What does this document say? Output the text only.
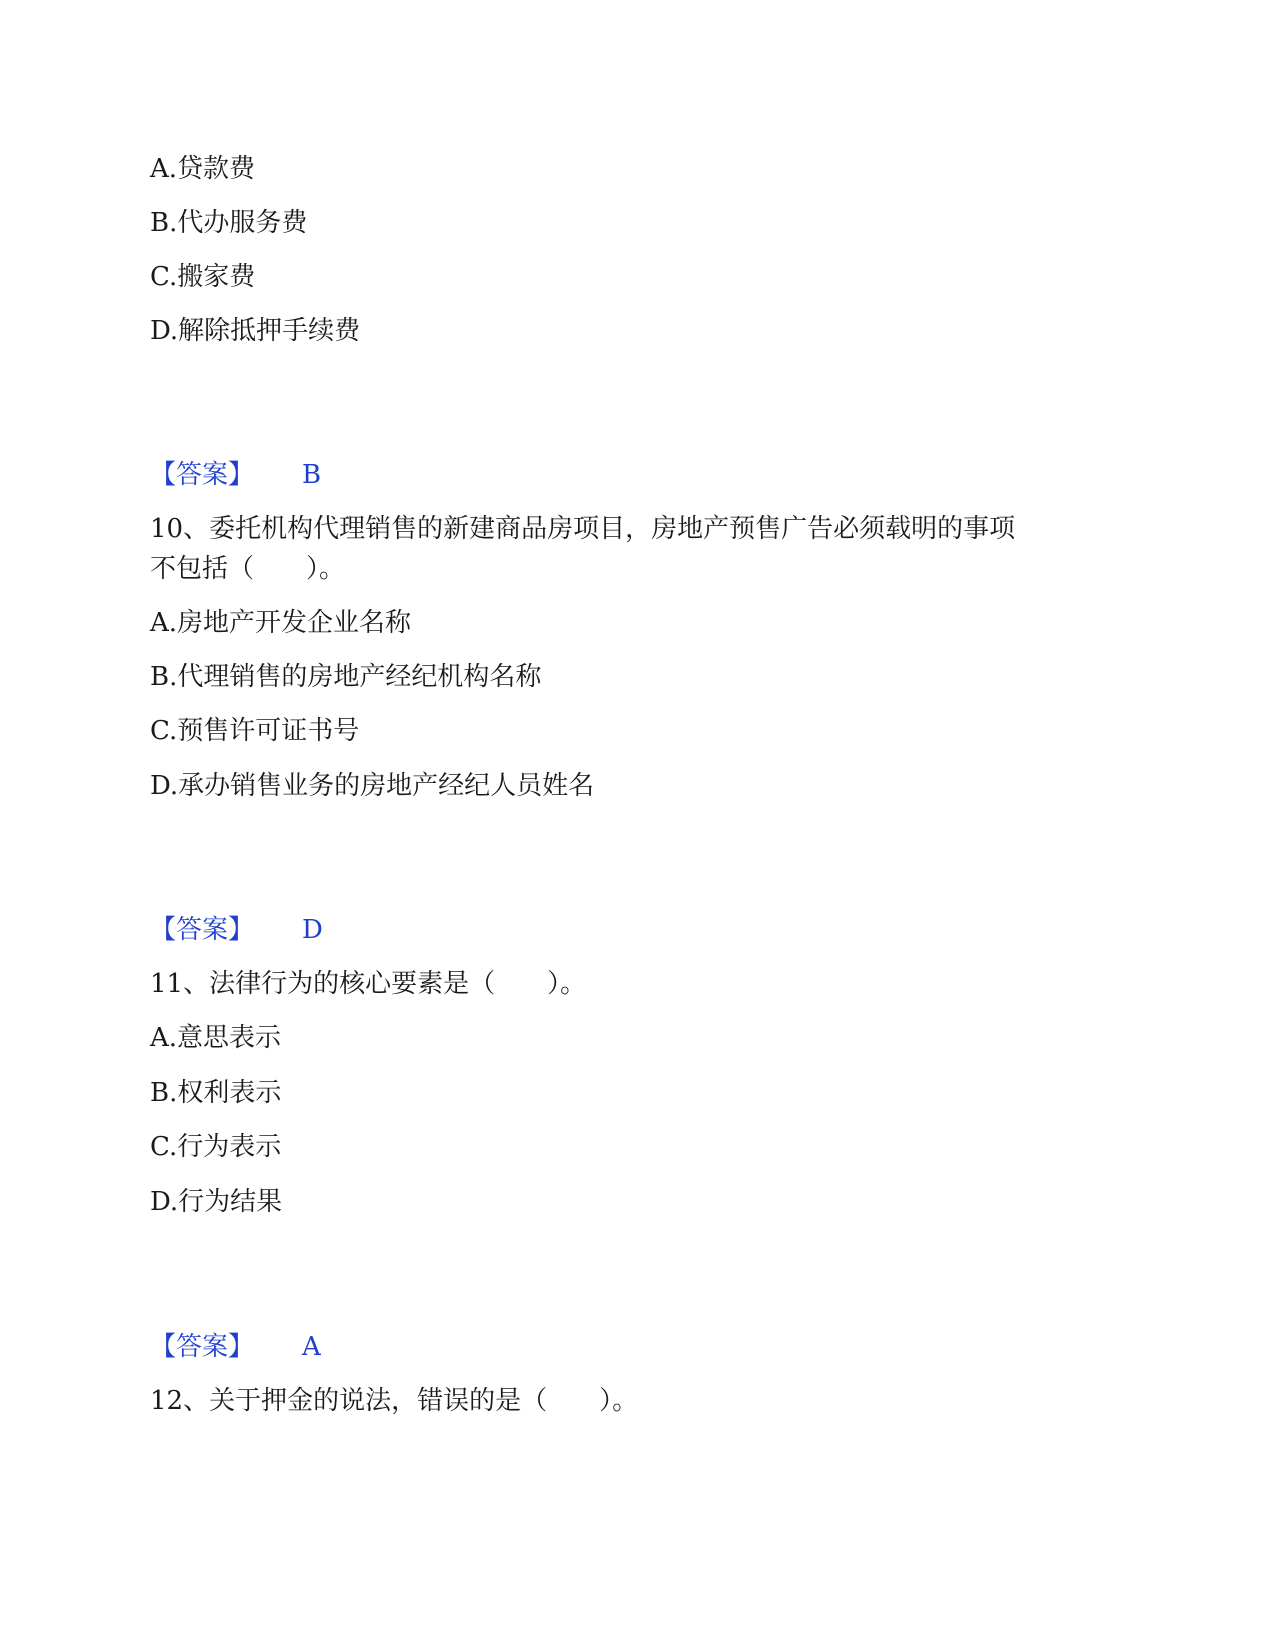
A.贷款费
B.代办服务费
C.搬家费
D.解除抵押手续费
【答案】 B
10、委托机构代理销售的新建商品房项目，房地产预售广告必须载明的事项
不包括（　　）。
A.房地产开发企业名称
B.代理销售的房地产经纪机构名称
C.预售许可证书号
D.承办销售业务的房地产经纪人员姓名
【答案】 D
11、法律行为的核心要素是（　　）。
A.意思表示
B.权利表示
C.行为表示
D.行为结果
【答案】 A
12、关于押金的说法，错误的是（　　）。
